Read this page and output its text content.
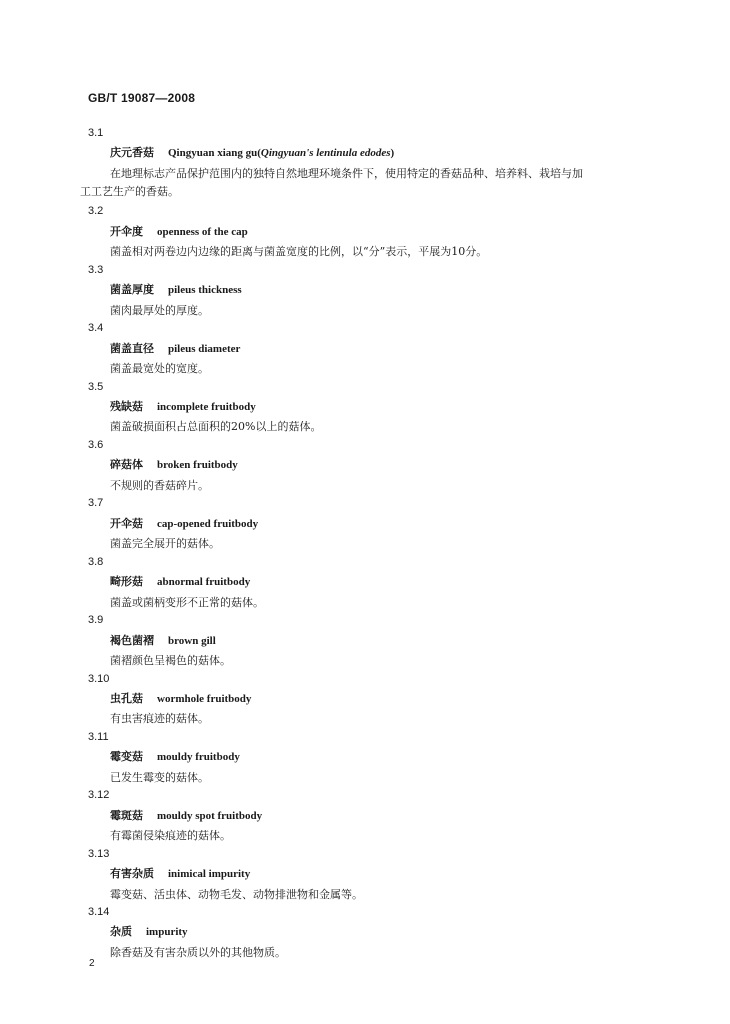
GB/T 19087—2008
3.1
庆元香菇 Qingyuan xiang gu(Qingyuan's lentinula edodes)
在地理标志产品保护范围内的独特自然地理环境条件下，使用特定的香菇品种、培养料、栽培与加
工工艺生产的香菇。
3.2
开伞度 openness of the cap
菌盖相对两卷边内边缘的距离与菌盖宽度的比例，以“分”表示，平展为10分。
3.3
菌盖厚度 pileus thickness
菌肉最厚处的厚度。
3.4
菌盖直径 pileus diameter
菌盖最宽处的宽度。
3.5
残缺菇 incomplete fruitbody
菌盖破损面积占总面积的20%以上的菇体。
3.6
碎菇体 broken fruitbody
不规则的香菇碎片。
3.7
开伞菇 cap-opened fruitbody
菌盖完全展开的菇体。
3.8
畸形菇 abnormal fruitbody
菌盖或菌柄变形不正常的菇体。
3.9
褐色菌褶 brown gill
菌褶颜色呈褐色的菇体。
3.10
虫孔菇 wormhole fruitbody
有虫害痕迹的菇体。
3.11
霉变菇 mouldy fruitbody
已发生霉变的菇体。
3.12
霉斑菇 mouldy spot fruitbody
有霉菌侵染痕迹的菇体。
3.13
有害杂质 inimical impurity
霉变菇、活虫体、动物毛发、动物排泄物和金属等。
3.14
杂质 impurity
除香菇及有害杂质以外的其他物质。
2
